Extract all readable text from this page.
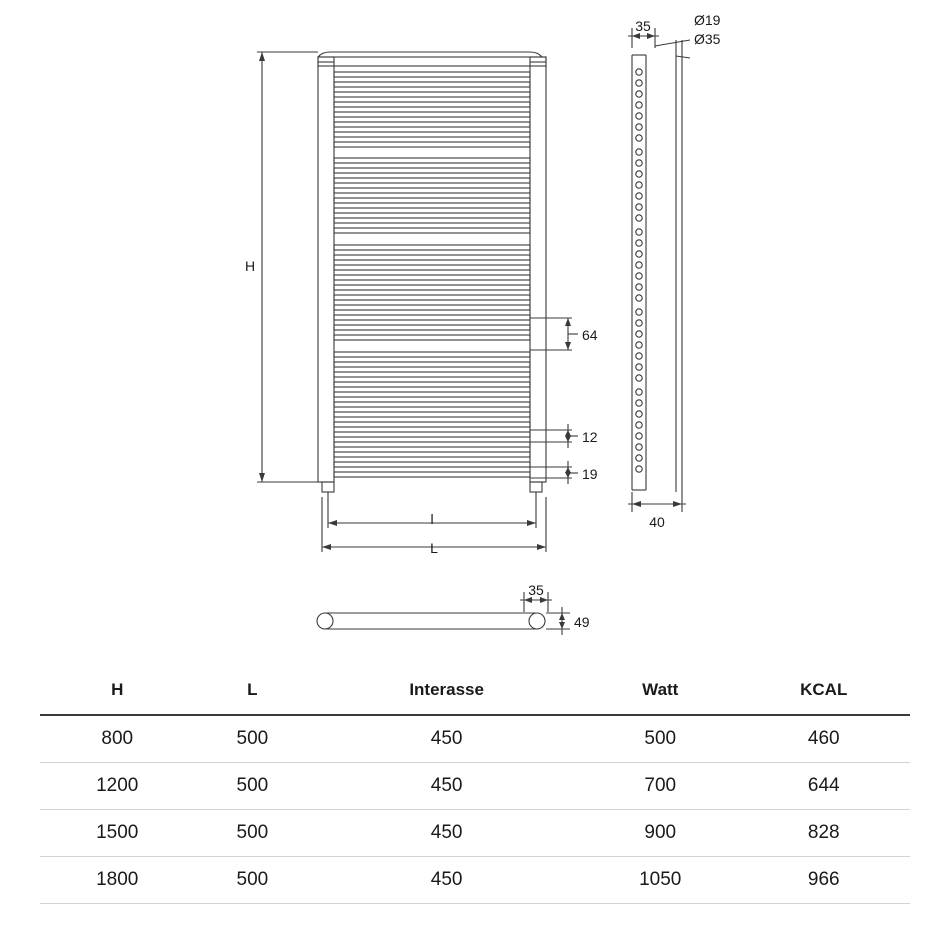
H
l
L
64
12
19
35	Ø19
Ø35
40
35
49
H	L	Interasse	Watt	KCAL
800	500	450	500	460
1200	500	450	700	644
1500	500	450	900	828
1800	500	450	1050	966
